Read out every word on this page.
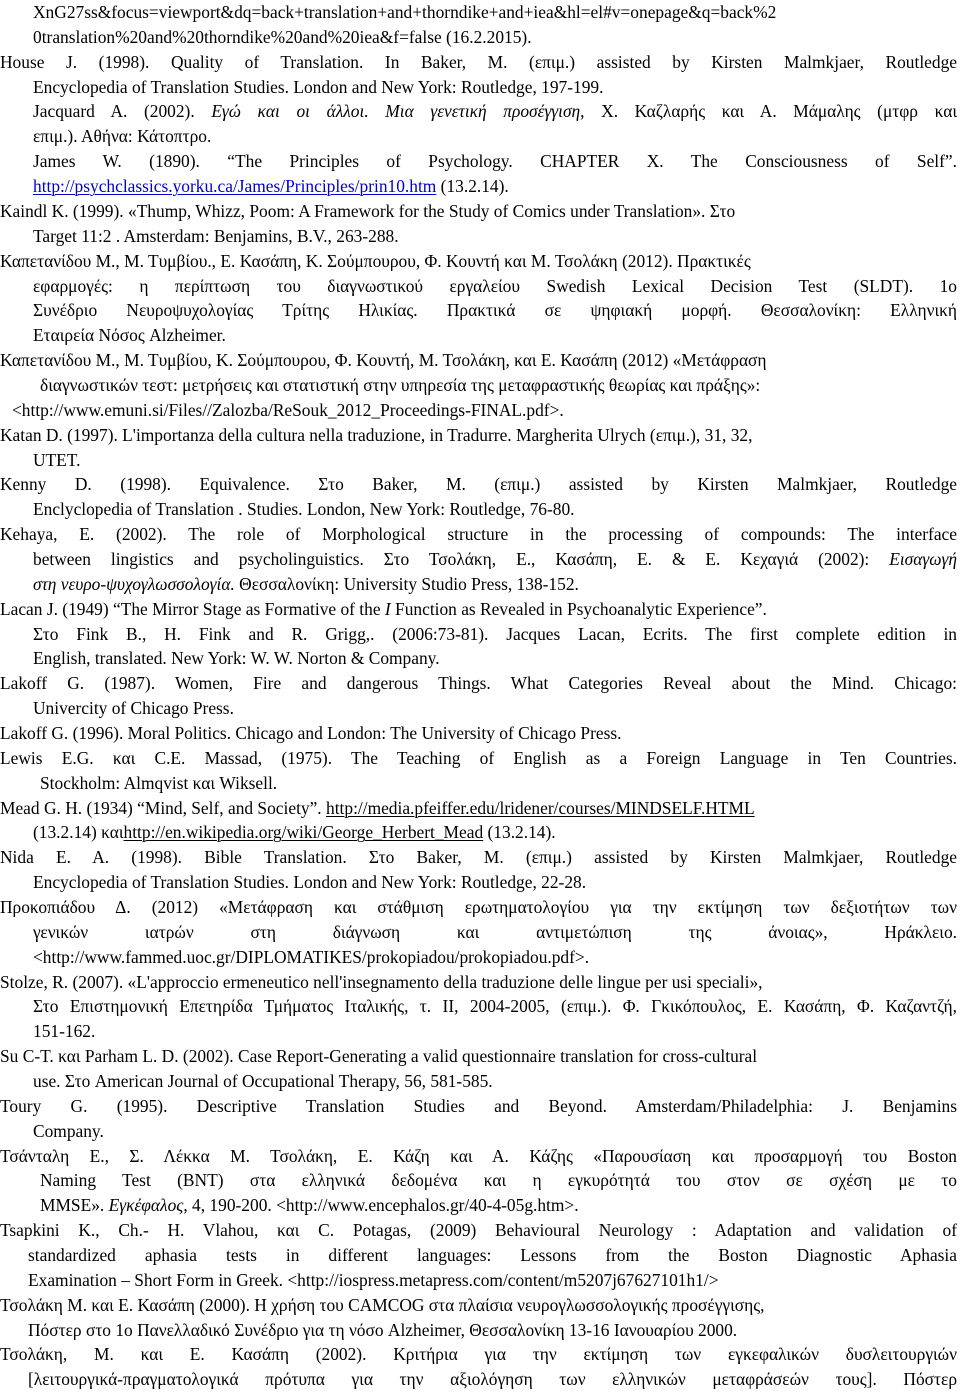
XnG27ss&focus=viewport&dq=back+translation+and+thorndike+and+iea&hl=el#v=onepage&q=back%2
0translation%20and%20thorndike%20and%20iea&f=false (16.2.2015).
House J. (1998). Quality of Translation. In Baker, M. (επιμ.) assisted by Kirsten Malmkjaer, Routledge
Encyclopedia of Translation Studies. London and New York: Routledge, 197-199.
Jacquard A. (2002). Εγώ και οι άλλοι. Μια γενετική προσέγγιση, Χ. Καζλαρής και Α. Μάμαλης (μτφρ και
επιμ.). Αθήνα: Κάτοπτρο.
James W. (1890). “The Principles of Psychology. CHAPTER X. The Consciousness of Self”.
http://psychclassics.yorku.ca/James/Principles/prin10.htm (13.2.14).
Kaindl K. (1999). «Thump, Whizz, Poom: A Framework for the Study of Comics under Translation». Στο
Target 11:2 . Amsterdam: Benjamins, B.V., 263-288.
Καπετανίδου Μ., Μ. Τυμβίου., Ε. Κασάπη, Κ. Σούμπουρου, Φ. Κουντή και Μ. Τσολάκη (2012). Πρακτικές
εφαρμογές: η περίπτωση του διαγνωστικού εργαλείου Swedish Lexical Decision Test (SLDT). 1ο
Συνέδριο Νευροψυχολογίας Τρίτης Ηλικίας. Πρακτικά σε ψηφιακή μορφή. Θεσσαλονίκη: Ελληνική
Εταιρεία Νόσος Alzheimer.
Καπετανίδου Μ., Μ. Τυμβίου, Κ. Σούμπουρου, Φ. Κουντή, Μ. Τσολάκη, και Ε. Κασάπη (2012) «Μετάφραση
διαγνωστικών τεστ: μετρήσεις και στατιστική στην υπηρεσία της μεταφραστικής θεωρίας και πράξης»:
<http://www.emuni.si/Files//Zalozba/ReSouk_2012_Proceedings-FINAL.pdf>.
Katan D. (1997). L'importanza della cultura nella traduzione, in Tradurre. Margherita Ulrych (επιμ.), 31, 32,
UTET.
Kenny D. (1998). Equivalence. Στο Baker, M. (επιμ.) assisted by Kirsten Malmkjaer, Routledge
Enclyclopedia of Translation . Studies. London, New York: Routledge, 76-80.
Kehaya, E. (2002). The role of Morphological structure in the processing of compounds: The interface
between lingistics and psycholinguistics. Στο Τσολάκη, Ε., Κασάπη, Ε. & Ε. Κεχαγιά (2002): Εισαγωγή
στη νευρο-ψυχογλωσσολογία. Θεσσαλονίκη: University Studio Press, 138-152.
Lacan J. (1949) “The Mirror Stage as Formative of the I Function as Revealed in Psychoanalytic Experience”.
Στο Fink B., H. Fink and R. Grigg,. (2006:73-81). Jacques Lacan, Ecrits. The first complete edition in
English, translated. New York: W. W. Norton & Company.
Lakoff G. (1987). Women, Fire and dangerous Things. What Categories Reveal about the Mind. Chicago:
Univercity of Chicago Press.
Lakoff G. (1996). Moral Politics. Chicago and London: The University of Chicago Press.
Lewis E.G. και C.E. Massad, (1975). The Teaching of English as a Foreign Language in Ten Countries.
Stockholm: Almqvist και Wiksell.
Mead G. H. (1934) “Mind, Self, and Society”. http://media.pfeiffer.edu/lridener/courses/MINDSELF.HTML
(13.2.14) καιhttp://en.wikipedia.org/wiki/George_Herbert_Mead (13.2.14).
Nida E. A. (1998). Bible Translation. Στο Baker, M. (επιμ.) assisted by Kirsten Malmkjaer, Routledge
Encyclopedia of Translation Studies. London and New York: Routledge, 22-28.
Προκοπιάδου Δ. (2012) «Μετάφραση και στάθμιση ερωτηματολογίου για την εκτίμηση των δεξιοτήτων των
γενικών ιατρών στη διάγνωση και αντιμετώπιση της άνοιας», Ηράκλειο.
<http://www.fammed.uoc.gr/DIPLOMATIKES/prokopiadou/prokopiadou.pdf>.
Stolze, R. (2007). «L'approccio ermeneutico nell'insegnamento della traduzione delle lingue per usi speciali»,
Στο Επιστημονική Επετηρίδα Τμήματος Ιταλικής, τ. ΙΙ, 2004-2005, (επιμ.). Φ. Γκικόπουλος, Ε. Κασάπη, Φ. Καζαντζή,
151-162.
Su C-T. και Parham L. D. (2002). Case Report-Generating a valid questionnaire translation for cross-cultural
use. Στο American Journal of Occupational Therapy, 56, 581-585.
Toury G. (1995). Descriptive Translation Studies and Beyond. Amsterdam/Philadelphia: J. Benjamins
Company.
Τσάνταλη Ε., Σ. Λέκκα Μ. Τσολάκη, Ε. Κάζη και Α. Κάζης «Παρουσίαση και προσαρμογή του Boston
Naming Test (BNT) στα ελληνικά δεδομένα και η εγκυρότητά του στον σε σχέση με το
MMSE». Εγκέφαλος, 4, 190-200. <http://www.encephalos.gr/40-4-05g.htm>.
Tsapkini K., Ch.- H. Vlahou, και C. Potagas, (2009) Behavioural Neurology : Adaptation and validation of
standardized aphasia tests in different languages: Lessons from the Boston Diagnostic Aphasia
Examination – Short Form in Greek. <http://iospress.metapress.com/content/m5207j67627101h1/>
Τσολάκη Μ. και Ε. Κασάπη (2000). Η χρήση του CAMCOG στα πλαίσια νευρογλωσσολογικής προσέγγισης,
Πόστερ στο 1ο Πανελλαδικό Συνέδριο για τη νόσο Alzheimer, Θεσσαλονίκη 13-16 Ιανουαρίου 2000.
Τσολάκη, Μ. και Ε. Κασάπη (2002). Κριτήρια για την εκτίμηση των εγκεφαλικών δυσλειτουργιών
[λειτουργικά-πραγματολογικά πρότυπα για την αξιολόγηση των ελληνικών μεταφράσεών τους]. Πόστερ
